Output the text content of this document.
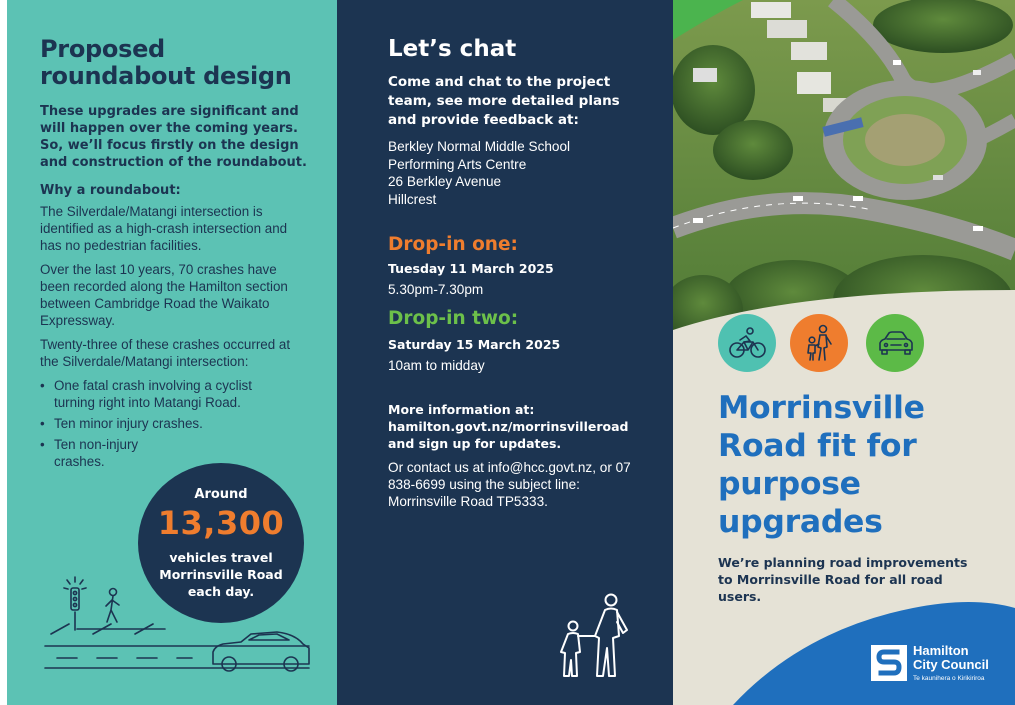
Proposed
roundabout design
These upgrades are significant and will happen over the coming years. So, we’ll focus firstly on the design and construction of the roundabout.
Why a roundabout:
The Silverdale/Matangi intersection is identified as a high-crash intersection and has no pedestrian facilities.
Over the last 10 years, 70 crashes have been recorded along the Hamilton section between Cambridge Road the Waikato Expressway.
Twenty-three of these crashes occurred at the Silverdale/Matangi intersection:
• One fatal crash involving a cyclist turning right into Matangi Road.
• Ten minor injury crashes.
• Ten non-injury crashes.
Around
13,300
vehicles travel Morrinsville Road each day.
Let’s chat
Come and chat to the project team, see more detailed plans and provide feedback at:
Berkley Normal Middle School
Performing Arts Centre
26 Berkley Avenue
Hillcrest
Drop-in one:
Tuesday 11 March 2025
5.30pm-7.30pm
Drop-in two:
Saturday 15 March 2025
10am to midday
More information at: hamilton.govt.nz/morrinsvilleroad and sign up for updates.
Or contact us at info@hcc.govt.nz, or 07 838-6699 using the subject line: Morrinsville Road TP5333.
Morrinsville Road fit for purpose upgrades
We’re planning road improvements to Morrinsville Road for all road users.
Hamilton
City Council
Te kaunihera o Kirikiriroa
